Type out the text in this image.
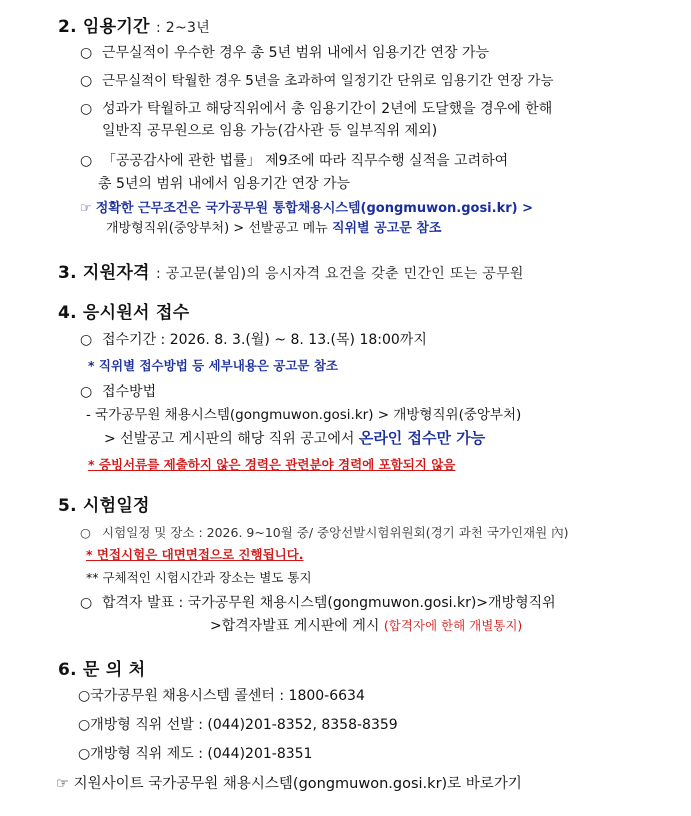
2. 임용기간 : 2~3년
○ 근무실적이 우수한 경우 총 5년 범위 내에서 임용기간 연장 가능
○ 근무실적이 탁월한 경우 5년을 초과하여 일정기간 단위로 임용기간 연장 가능
○ 성과가 탁월하고 해당직위에서 총 임용기간이 2년에 도달했을 경우에 한해
일반직 공무원으로 임용 가능(감사관 등 일부직위 제외)
○ 「공공감사에 관한 법률」 제9조에 따라 직무수행 실적을 고려하여
총 5년의 범위 내에서 임용기간 연장 가능
☞ 정확한 근무조건은 국가공무원 통합채용시스템(gongmuwon.gosi.kr) >
개방형직위(중앙부처) > 선발공고 메뉴 직위별 공고문 참조
3. 지원자격 : 공고문(붙임)의 응시자격 요건을 갖춘 민간인 또는 공무원
4. 응시원서 접수
○ 접수기간 : 2026. 8. 3.(월) ~ 8. 13.(목) 18:00까지
* 직위별 접수방법 등 세부내용은 공고문 참조
○ 접수방법
- 국가공무원 채용시스템(gongmuwon.gosi.kr) > 개방형직위(중앙부처)
> 선발공고 게시판의 해당 직위 공고에서 온라인 접수만 가능
* 증빙서류를 제출하지 않은 경력은 관련분야 경력에 포함되지 않음
5. 시험일정
○ 시험일정 및 장소 : 2026. 9~10월 중/ 중앙선발시험위원회(경기 과천 국가인재원 內)
* 면접시험은 대면면접으로 진행됩니다.
** 구체적인 시험시간과 장소는 별도 통지
○ 합격자 발표 : 국가공무원 채용시스템(gongmuwon.gosi.kr)>개방형직위
>합격자발표 게시판에 게시 (합격자에 한해 개별통지)
6. 문 의 처
○국가공무원 채용시스템 콜센터 : 1800-6634
○개방형 직위 선발 : (044)201-8352, 8358-8359
○개방형 직위 제도 : (044)201-8351
☞ 지원사이트 국가공무원 채용시스템(gongmuwon.gosi.kr)로 바로가기
